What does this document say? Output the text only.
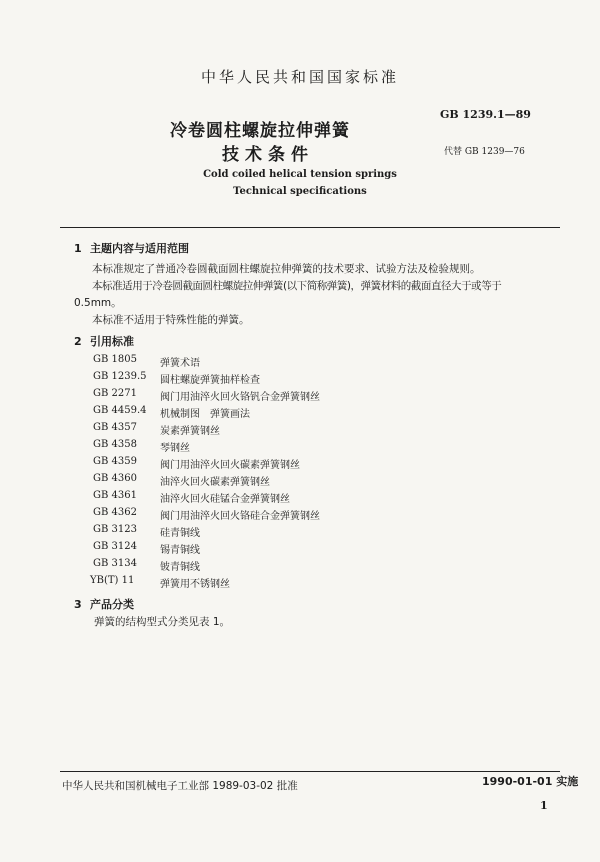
中华人民共和国国家标准
冷卷圆柱螺旋拉伸弹簧
技术条件
GB 1239.1—89
代替 GB 1239—76
Cold coiled helical tension springs
Technical specifications
1 主题内容与适用范围
本标准规定了普通冷卷圆截面圆柱螺旋拉伸弹簧的技术要求、试验方法及检验规则。
本标准适用于冷卷圆截面圆柱螺旋拉伸弹簧(以下简称弹簧)，弹簧材料的截面直径大于或等于
0.5mm。
本标准不适用于特殊性能的弹簧。
2 引用标准
GB 1805 弹簧术语
GB 1239.5 圆柱螺旋弹簧抽样检查
GB 2271 阀门用油淬火回火铬钒合金弹簧钢丝
GB 4459.4 机械制图　弹簧画法
GB 4357 炭素弹簧钢丝
GB 4358 琴钢丝
GB 4359 阀门用油淬火回火碳素弹簧钢丝
GB 4360 油淬火回火碳素弹簧钢丝
GB 4361 油淬火回火硅锰合金弹簧钢丝
GB 4362 阀门用油淬火回火铬硅合金弹簧钢丝
GB 3123 硅青铜线
GB 3124 锡青铜线
GB 3134 铍青铜线
YB(T) 11	弹簧用不锈钢丝
3 产品分类
弹簧的结构型式分类见表 1。
中华人民共和国机械电子工业部 1989-03-02 批准	1990-01-01 实施
1
